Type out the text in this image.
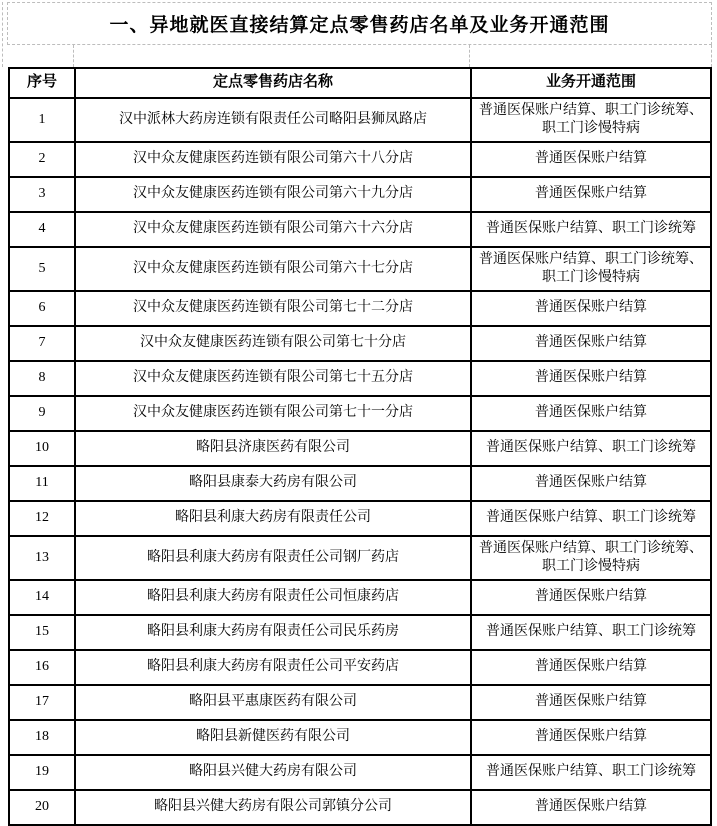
一、异地就医直接结算定点零售药店名单及业务开通范围
序号	定点零售药店名称	业务开通范围
1	汉中派林大药房连锁有限责任公司略阳县狮凤路店	普通医保账户结算、职工门诊统筹、职工门诊慢特病
2	汉中众友健康医药连锁有限公司第六十八分店	普通医保账户结算
3	汉中众友健康医药连锁有限公司第六十九分店	普通医保账户结算
4	汉中众友健康医药连锁有限公司第六十六分店	普通医保账户结算、职工门诊统筹
5	汉中众友健康医药连锁有限公司第六十七分店	普通医保账户结算、职工门诊统筹、职工门诊慢特病
6	汉中众友健康医药连锁有限公司第七十二分店	普通医保账户结算
7	汉中众友健康医药连锁有限公司第七十分店	普通医保账户结算
8	汉中众友健康医药连锁有限公司第七十五分店	普通医保账户结算
9	汉中众友健康医药连锁有限公司第七十一分店	普通医保账户结算
10	略阳县济康医药有限公司	普通医保账户结算、职工门诊统筹
11	略阳县康泰大药房有限公司	普通医保账户结算
12	略阳县利康大药房有限责任公司	普通医保账户结算、职工门诊统筹
13	略阳县利康大药房有限责任公司钢厂药店	普通医保账户结算、职工门诊统筹、职工门诊慢特病
14	略阳县利康大药房有限责任公司恒康药店	普通医保账户结算
15	略阳县利康大药房有限责任公司民乐药房	普通医保账户结算、职工门诊统筹
16	略阳县利康大药房有限责任公司平安药店	普通医保账户结算
17	略阳县平惠康医药有限公司	普通医保账户结算
18	略阳县新健医药有限公司	普通医保账户结算
19	略阳县兴健大药房有限公司	普通医保账户结算、职工门诊统筹
20	略阳县兴健大药房有限公司郭镇分公司	普通医保账户结算
